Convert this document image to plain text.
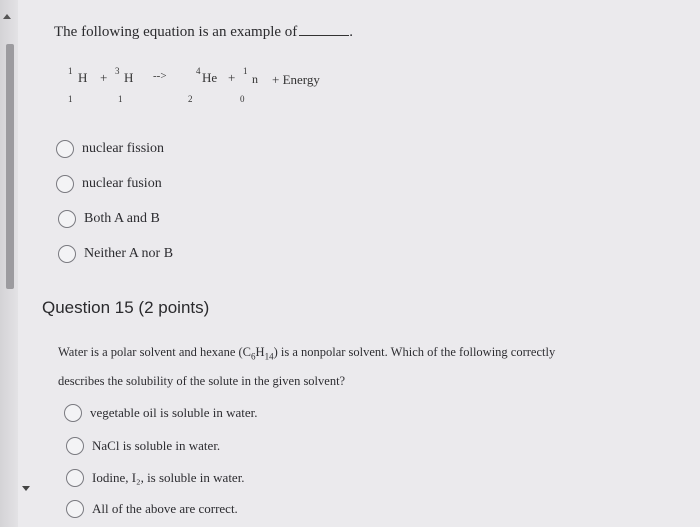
The following equation is an example of	.
1 H
1
+ 3 H
1
-->	4 He
2
+ 1
n
0
+ Energy
nuclear fission
nuclear fusion
Both A and B
Neither A nor B
Question 15 (2 points)
Water is a polar solvent and hexane $(C_6H_{14})$ is a nonpolar solvent. Which of the following correctly
describes the solubility of the solute in the given solvent?
vegetable oil is soluble in water.
NaCl is soluble in water.
Iodine, I₂, is soluble in water.
All of the above are correct.
